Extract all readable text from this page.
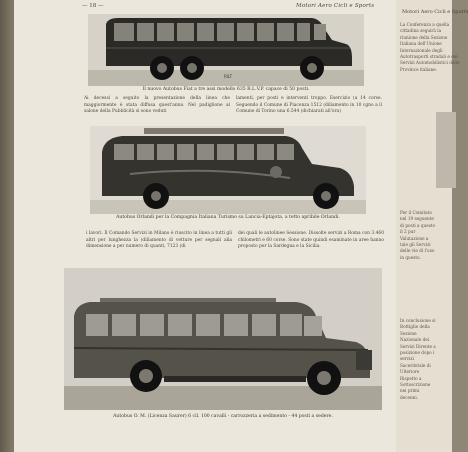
— 18 —	Motori Aero Cicli e Sports
RILT
Il nuovo Autobus Fiat a tre assi modello 635 R.L.V.P. capace di 50 posti.
Ai decessi a seguito la presentazione della linea che maggiormente è stata diffusa quest'anno. Nel padiglione al salone della Pubblicità si sono veduti
lamenti, per posti e interventi troppo. Esercizio (a 14 corse. Seguendo il Comune di Piacenza 1512 (diliamento in 10 cgno a il Comune di Torino una 6.544 (dichiarati all'ora)
Autobus Orlandi per la Compagnia Italiana Turismo su Lancia-Eptajota, a tetto apribile Orlandi.
i lavori. Il Comando Servizi in Milano è riuscito in linea a tutti gli altri per lunghezza la (diliamento di vetture per segnali alla dimensione a per numero di quanti, 7123 (di
dei quali le autolinee Sessione. Dissolte servizi a Roma con 3.460 chilometri e 60 corse. Sono state quindi esaminate in aree hanno proposto per la Sardegna e la Sicilia.
Autobus O. M. (Licenza Saurer) 6 cil. 100 cavalli - carrozzeria a sedimento - 44 posti a sedere.
Motori Aero Cicli e Sports
La Conferenza a quella cittadina seguirà la riunione della Sezione Italiana dell'Unione Internazionale degli Autotrasporti stradali e dei Servizi Automobilistici delle Province italiane.
Per il Comitato nel 19 seguente di posti a questo il 2 pur Valutazione a tale gli Servizi delle vie di l'uso in questo.
In conclusione si Bottiglie della Sezione Nazionale dei Servizi Dirente a posizione dopo i servizi Sacerdotale di Ulteriore Rispetto a Sottoscrizione nei primi decenni.
